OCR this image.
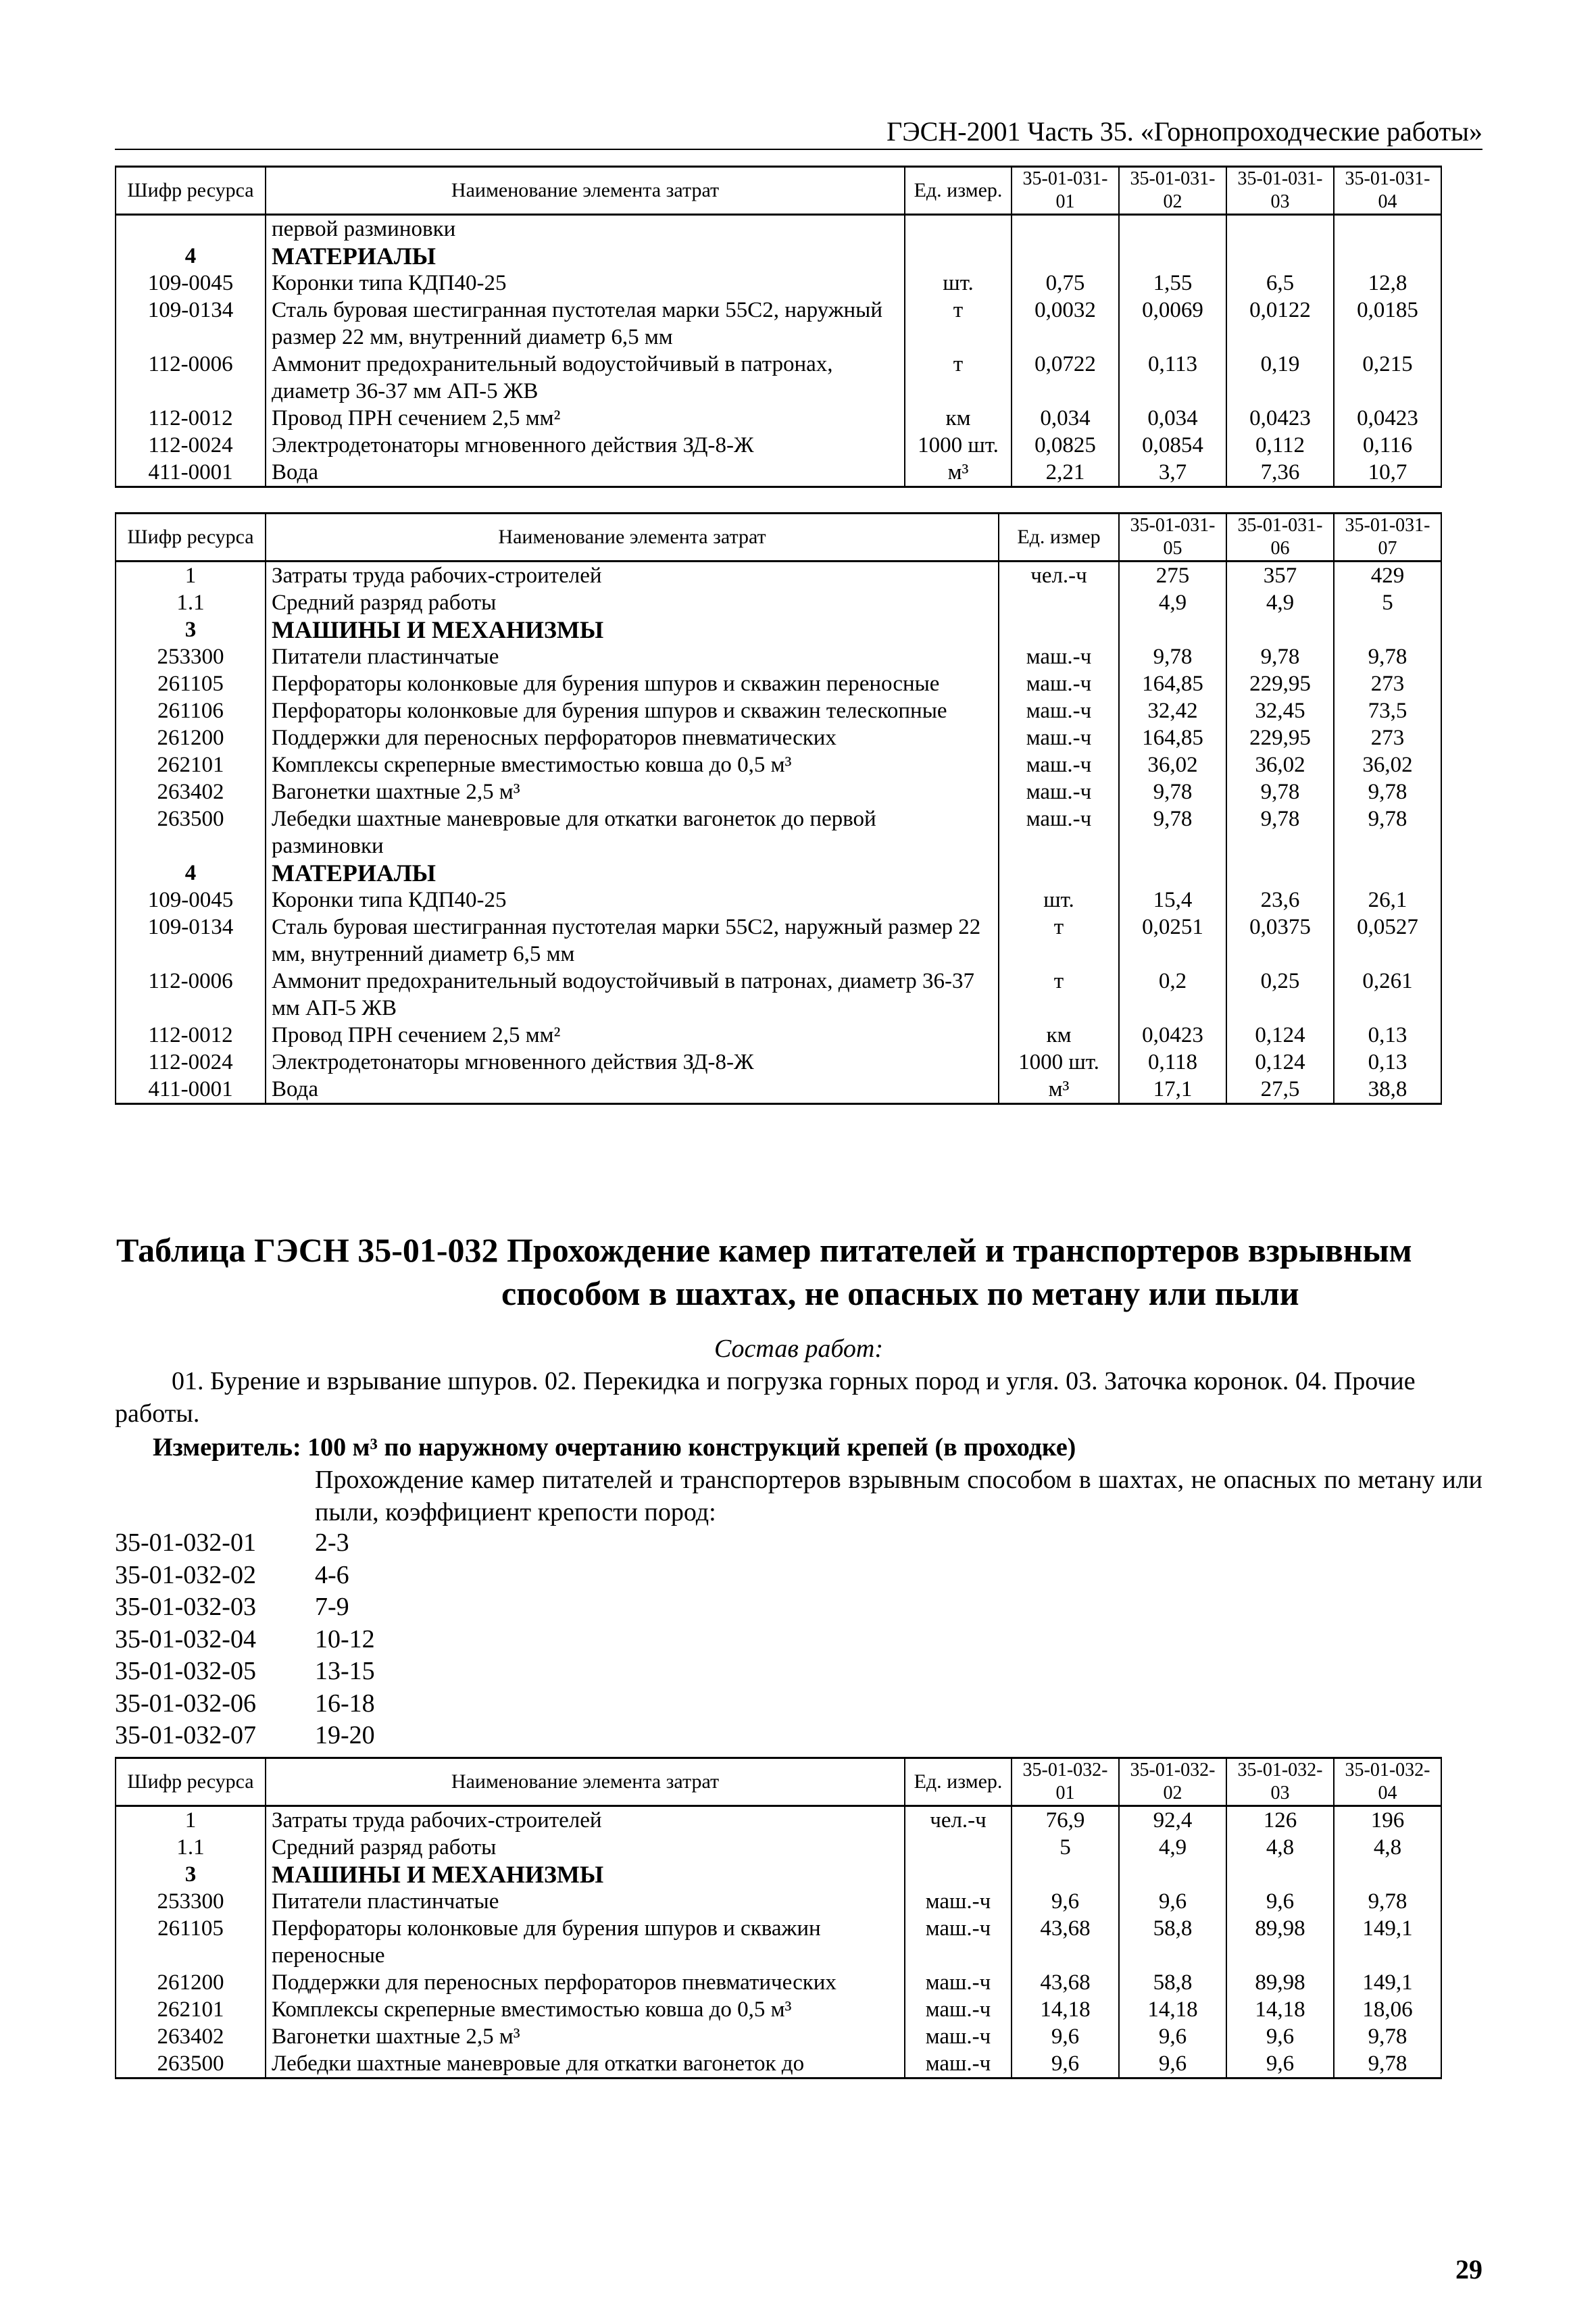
ГЭСН-2001 Часть 35. «Горнопроходческие работы»
Шифр ресурса	Наименование элемента затрат	Ед. измер.	35-01-031-01	35-01-031-02	35-01-031-03	35-01-031-04
	первой разминовки					
4	МАТЕРИАЛЫ					
109-0045	Коронки типа КДП40-25	шт.	0,75	1,55	6,5	12,8
109-0134	Сталь буровая шестигранная пустотелая марки 55С2, наружный размер 22 мм, внутренний диаметр 6,5 мм	т	0,0032	0,0069	0,0122	0,0185
112-0006	Аммонит предохранительный водоустойчивый в патронах, диаметр 36-37 мм АП-5 ЖВ	т	0,0722	0,113	0,19	0,215
112-0012	Провод ПРН сечением 2,5 мм²	км	0,034	0,034	0,0423	0,0423
112-0024	Электродетонаторы мгновенного действия ЗД-8-Ж	1000 шт.	0,0825	0,0854	0,112	0,116
411-0001	Вода	м³	2,21	3,7	7,36	10,7
Шифр ресурса	Наименование элемента затрат	Ед. измер	35-01-031-05	35-01-031-06	35-01-031-07
1	Затраты труда рабочих-строителей	чел.-ч	275	357	429
1.1	Средний разряд работы		4,9	4,9	5
3	МАШИНЫ И МЕХАНИЗМЫ				
253300	Питатели пластинчатые	маш.-ч	9,78	9,78	9,78
261105	Перфораторы колонковые для бурения шпуров и скважин переносные	маш.-ч	164,85	229,95	273
261106	Перфораторы колонковые для бурения шпуров и скважин телескопные	маш.-ч	32,42	32,45	73,5
261200	Поддержки для переносных перфораторов пневматических	маш.-ч	164,85	229,95	273
262101	Комплексы скреперные вместимостью ковша до 0,5 м³	маш.-ч	36,02	36,02	36,02
263402	Вагонетки шахтные 2,5 м³	маш.-ч	9,78	9,78	9,78
263500	Лебедки шахтные маневровые для откатки вагонеток до первой разминовки	маш.-ч	9,78	9,78	9,78
4	МАТЕРИАЛЫ				
109-0045	Коронки типа КДП40-25	шт.	15,4	23,6	26,1
109-0134	Сталь буровая шестигранная пустотелая марки 55С2, наружный размер 22 мм, внутренний диаметр 6,5 мм	т	0,0251	0,0375	0,0527
112-0006	Аммонит предохранительный водоустойчивый в патронах, диаметр 36-37 мм АП-5 ЖВ	т	0,2	0,25	0,261
112-0012	Провод ПРН сечением 2,5 мм²	км	0,0423	0,124	0,13
112-0024	Электродетонаторы мгновенного действия ЗД-8-Ж	1000 шт.	0,118	0,124	0,13
411-0001	Вода	м³	17,1	27,5	38,8
Таблица ГЭСН 35-01-032 Прохождение камер питателей и транспортеров взрывным
способом в шахтах, не опасных по метану или пыли
Состав работ:
01. Бурение и взрывание шпуров. 02. Перекидка и погрузка горных пород и угля. 03. Заточка коронок. 04. Прочие работы.
Измеритель: 100 м³ по наружному очертанию конструкций крепей (в проходке)
Прохождение камер питателей и транспортеров взрывным способом в шахтах, не опасных по метану или пыли, коэффициент крепости пород:
35-01-032-01	2-3
35-01-032-02	4-6
35-01-032-03	7-9
35-01-032-04	10-12
35-01-032-05	13-15
35-01-032-06	16-18
35-01-032-07	19-20
Шифр ресурса	Наименование элемента затрат	Ед. измер.	35-01-032-01	35-01-032-02	35-01-032-03	35-01-032-04
1	Затраты труда рабочих-строителей	чел.-ч	76,9	92,4	126	196
1.1	Средний разряд работы		5	4,9	4,8	4,8
3	МАШИНЫ И МЕХАНИЗМЫ					
253300	Питатели пластинчатые	маш.-ч	9,6	9,6	9,6	9,78
261105	Перфораторы колонковые для бурения шпуров и скважин переносные	маш.-ч	43,68	58,8	89,98	149,1
261200	Поддержки для переносных перфораторов пневматических	маш.-ч	43,68	58,8	89,98	149,1
262101	Комплексы скреперные вместимостью ковша до 0,5 м³	маш.-ч	14,18	14,18	14,18	18,06
263402	Вагонетки шахтные 2,5 м³	маш.-ч	9,6	9,6	9,6	9,78
263500	Лебедки шахтные маневровые для откатки вагонеток до	маш.-ч	9,6	9,6	9,6	9,78
29
